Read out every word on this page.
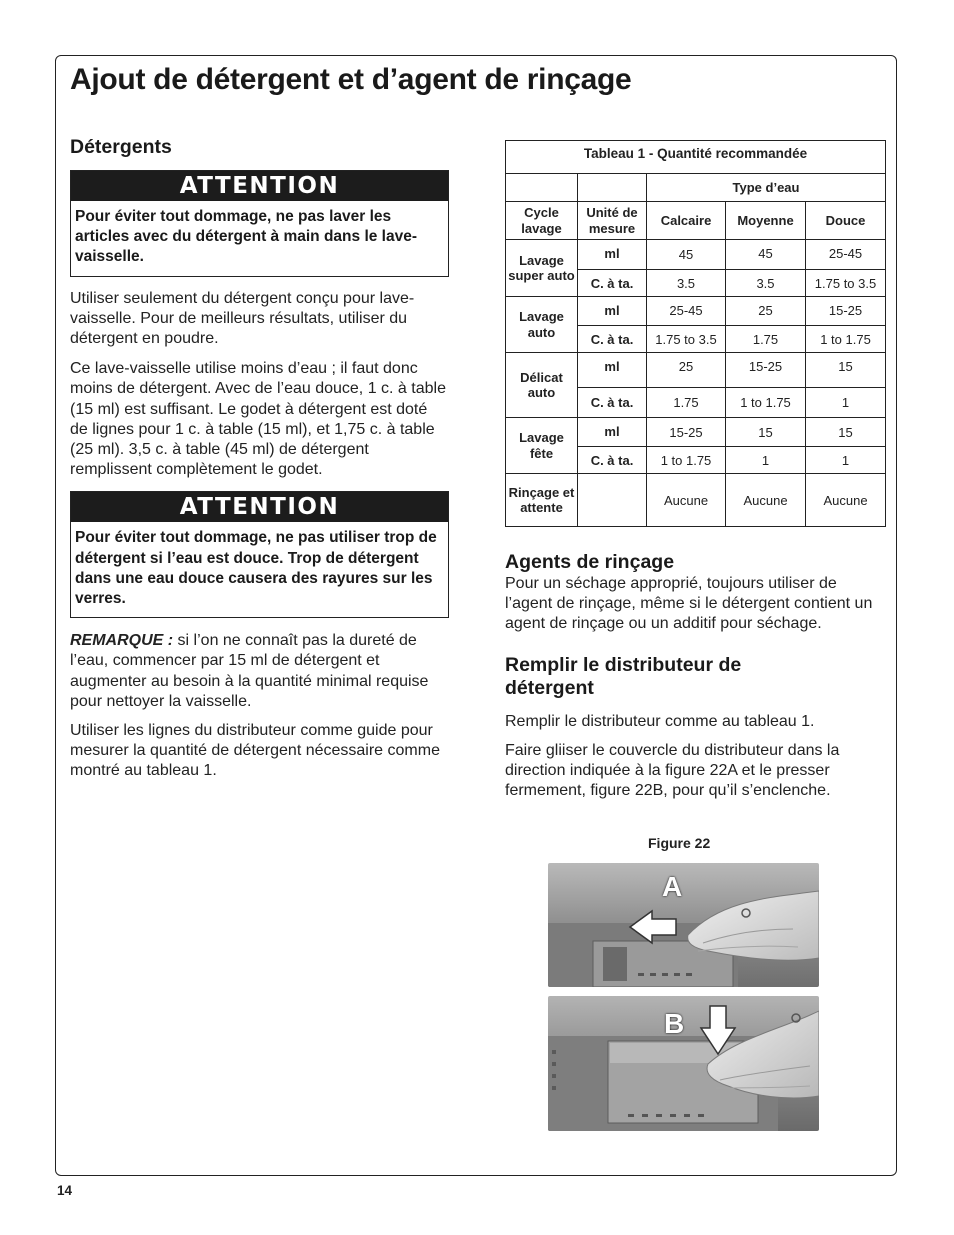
Ajout de détergent et d’agent de rinçage
Détergents
ATTENTION
Pour éviter tout dommage, ne pas laver les articles avec du détergent à main dans le lave-vaisselle.

Utiliser seulement du détergent conçu pour lave-vaisselle. Pour de meilleurs résultats, utiliser du détergent en poudre.

Ce lave-vaisselle utilise moins d’eau ; il faut donc moins de détergent. Avec de l’eau douce, 1 c. à table (15 ml) est suffisant. Le godet à détergent est doté de lignes pour 1 c. à table (15 ml), et 1,75 c. à table (25 ml). 3,5 c. à table (45 ml) de détergent remplissent complètement le godet.

ATTENTION
Pour éviter tout dommage, ne pas utiliser trop de détergent si l’eau est douce. Trop de détergent dans une eau douce causera des rayures sur les verres.

REMARQUE : si l’on ne connaît pas la dureté de l’eau, commencer par 15 ml de détergent et augmenter au besoin à la quantité minimal requise pour nettoyer la vaisselle.

Utiliser les lignes du distributeur comme guide pour mesurer la quantité de détergent nécessaire comme montré au tableau 1.

Tableau 1 - Quantité recommandée				
		Type d’eau		
Cycle lavage	Unité de mesure	Calcaire	Moyenne	Douce
Lavage super auto	ml	45	45	25-45
	C. à ta.	3.5	3.5	1.75 to 3.5
Lavage auto	ml	25-45	25	15-25
	C. à ta.	1.75 to 3.5	1.75	1 to 1.75
Délicat auto	ml	25	15-25	15
	C. à ta.	1.75	1 to 1.75	1
Lavage fête	ml	15-25	15	15
	C. à ta.	1 to 1.75	1	1
Rinçage et attente		Aucune	Aucune	Aucune
Agents de rinçage

Pour un séchage approprié, toujours utiliser de l’agent de rinçage, même si le détergent contient un agent de rinçage ou un additif pour séchage.

Remplir le distributeur de détergent

Remplir le distributeur comme au tableau 1.

Faire gliiser le couvercle du distributeur dans la direction indiquée à la figure 22A et le presser fermement, figure 22B, pour qu’il s’enclenche.

Figure 22
A
B
14
